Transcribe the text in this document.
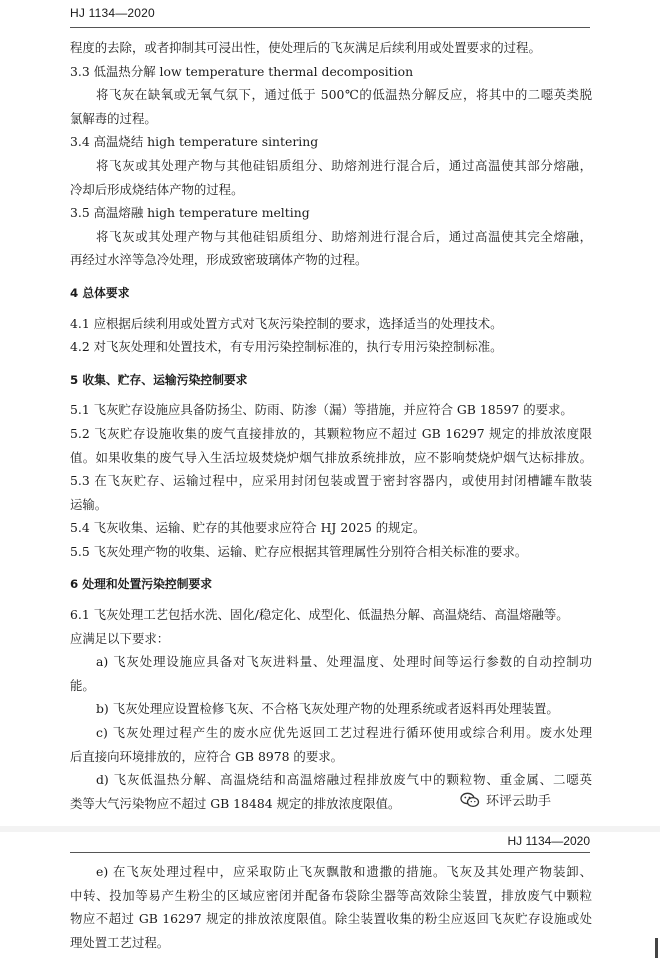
HJ 1134—2020
程度的去除，或者抑制其可浸出性，使处理后的飞灰满足后续利用或处置要求的过程。
3.3 低温热分解 low temperature thermal decomposition
将飞灰在缺氧或无氧气氛下，通过低于 500℃的低温热分解反应，将其中的二噁英类脱
氯解毒的过程。
3.4 高温烧结 high temperature sintering
将飞灰或其处理产物与其他硅铝质组分、助熔剂进行混合后，通过高温使其部分熔融，
冷却后形成烧结体产物的过程。
3.5 高温熔融 high temperature melting
将飞灰或其处理产物与其他硅铝质组分、助熔剂进行混合后，通过高温使其完全熔融，
再经过水淬等急冷处理，形成致密玻璃体产物的过程。
4 总体要求
4.1 应根据后续利用或处置方式对飞灰污染控制的要求，选择适当的处理技术。
4.2 对飞灰处理和处置技术，有专用污染控制标准的，执行专用污染控制标准。
5 收集、贮存、运输污染控制要求
5.1 飞灰贮存设施应具备防扬尘、防雨、防渗（漏）等措施，并应符合 GB 18597 的要求。
5.2 飞灰贮存设施收集的废气直接排放的，其颗粒物应不超过 GB 16297 规定的排放浓度限
值。如果收集的废气导入生活垃圾焚烧炉烟气排放系统排放，应不影响焚烧炉烟气达标排放。
5.3 在飞灰贮存、运输过程中，应采用封闭包装或置于密封容器内，或使用封闭槽罐车散装
运输。
5.4 飞灰收集、运输、贮存的其他要求应符合 HJ 2025 的规定。
5.5 飞灰处理产物的收集、运输、贮存应根据其管理属性分别符合相关标准的要求。
6 处理和处置污染控制要求
6.1 飞灰处理工艺包括水洗、固化/稳定化、成型化、低温热分解、高温烧结、高温熔融等。
应满足以下要求：
a) 飞灰处理设施应具备对飞灰进料量、处理温度、处理时间等运行参数的自动控制功
能。
b) 飞灰处理应设置检修飞灰、不合格飞灰处理产物的处理系统或者返料再处理装置。
c) 飞灰处理过程产生的废水应优先返回工艺过程进行循环使用或综合利用。废水处理
后直接向环境排放的，应符合 GB 8978 的要求。
d) 飞灰低温热分解、高温烧结和高温熔融过程排放废气中的颗粒物、重金属、二噁英
类等大气污染物应不超过 GB 18484 规定的排放浓度限值。	环评云助手
HJ 1134—2020
e) 在飞灰处理过程中，应采取防止飞灰飘散和遗撒的措施。飞灰及其处理产物装卸、
中转、投加等易产生粉尘的区域应密闭并配备布袋除尘器等高效除尘装置，排放废气中颗粒
物应不超过 GB 16297 规定的排放浓度限值。除尘装置收集的粉尘应返回飞灰贮存设施或处
理处置工艺过程。
